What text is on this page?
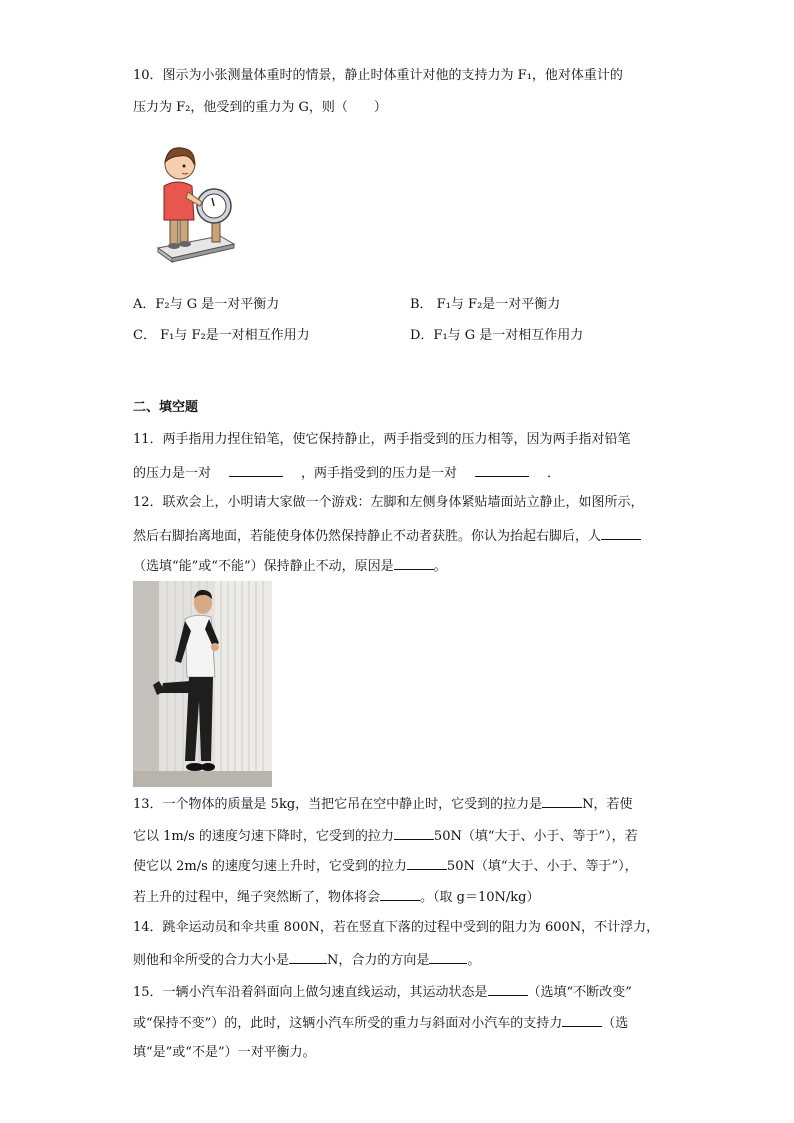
10．图示为小张测量体重时的情景，静止时体重计对他的支持力为 F₁，他对体重计的
压力为 F₂，他受到的重力为 G，则（　　）
A．F₂与 G 是一对平衡力	B． F₁与 F₂是一对平衡力
C． F₁与 F₂是一对相互作用力	D．F₁与 G 是一对相互作用力
二、填空题
11．两手指用力捏住铅笔，使它保持静止，两手指受到的压力相等，因为两手指对铅笔
的压力是一对	，两手指受到的压力是一对	．
12．联欢会上，小明请大家做一个游戏：左脚和左侧身体紧贴墙面站立静止，如图所示，
然后右脚抬离地面，若能使身体仍然保持静止不动者获胜。你认为抬起右脚后，人
（选填“能”或“不能”）保持静止不动，原因是	。
13．一个物体的质量是 5kg，当把它吊在空中静止时，它受到的拉力是	N，若使
它以 1m/s 的速度匀速下降时，它受到的拉力	50N（填“大于、小于、等于”），若
使它以 2m/s 的速度匀速上升时，它受到的拉力	50N（填“大于、小于、等于”），
若上升的过程中，绳子突然断了，物体将会	。（取 g＝10N/kg）
14．跳伞运动员和伞共重 800N，若在竖直下落的过程中受到的阻力为 600N，不计浮力，
则他和伞所受的合力大小是	N，合力的方向是	。
15．一辆小汽车沿着斜面向上做匀速直线运动，其运动状态是	（选填“不断改变”
或“保持不变”）的，此时，这辆小汽车所受的重力与斜面对小汽车的支持力	（选
填“是”或“不是”）一对平衡力。
